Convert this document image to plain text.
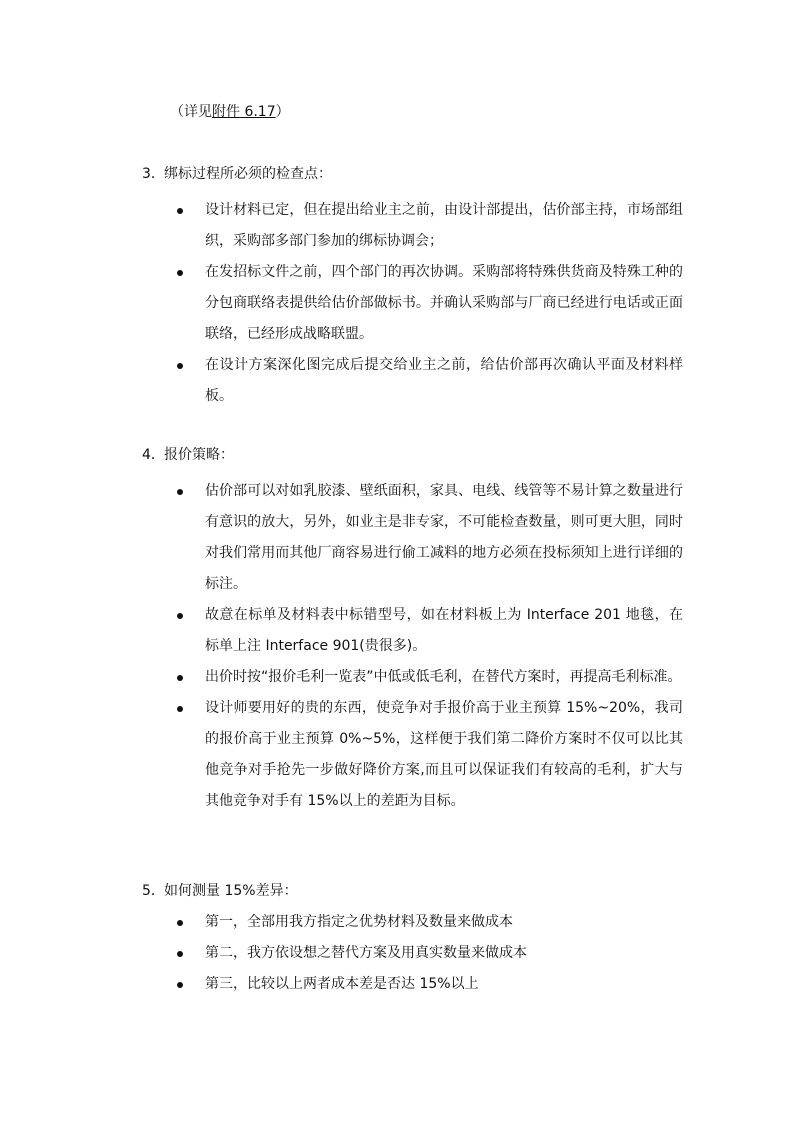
（详见附件 6.17）
3．绑标过程所必须的检查点：
设计材料已定，但在提出给业主之前，由设计部提出，估价部主持，市场部组织，采购部多部门参加的绑标协调会；
在发招标文件之前，四个部门的再次协调。采购部将特殊供货商及特殊工种的分包商联络表提供给估价部做标书。并确认采购部与厂商已经进行电话或正面联络，已经形成战略联盟。
在设计方案深化图完成后提交给业主之前，给估价部再次确认平面及材料样板。
4．报价策略：
估价部可以对如乳胶漆、壁纸面积，家具、电线、线管等不易计算之数量进行有意识的放大，另外，如业主是非专家，不可能检查数量，则可更大胆，同时对我们常用而其他厂商容易进行偷工减料的地方必须在投标须知上进行详细的标注。
故意在标单及材料表中标错型号，如在材料板上为 Interface 201 地毯，在标单上注 Interface 901(贵很多)。
出价时按“报价毛利一览表”中低或低毛利，在替代方案时，再提高毛利标准。
设计师要用好的贵的东西，使竞争对手报价高于业主预算 15%~20%，我司的报价高于业主预算 0%~5%，这样便于我们第二降价方案时不仅可以比其他竞争对手抢先一步做好降价方案,而且可以保证我们有较高的毛利，扩大与其他竞争对手有 15%以上的差距为目标。
5．如何测量 15%差异：
第一，全部用我方指定之优势材料及数量来做成本
第二，我方依设想之替代方案及用真实数量来做成本
第三，比较以上两者成本差是否达 15%以上
